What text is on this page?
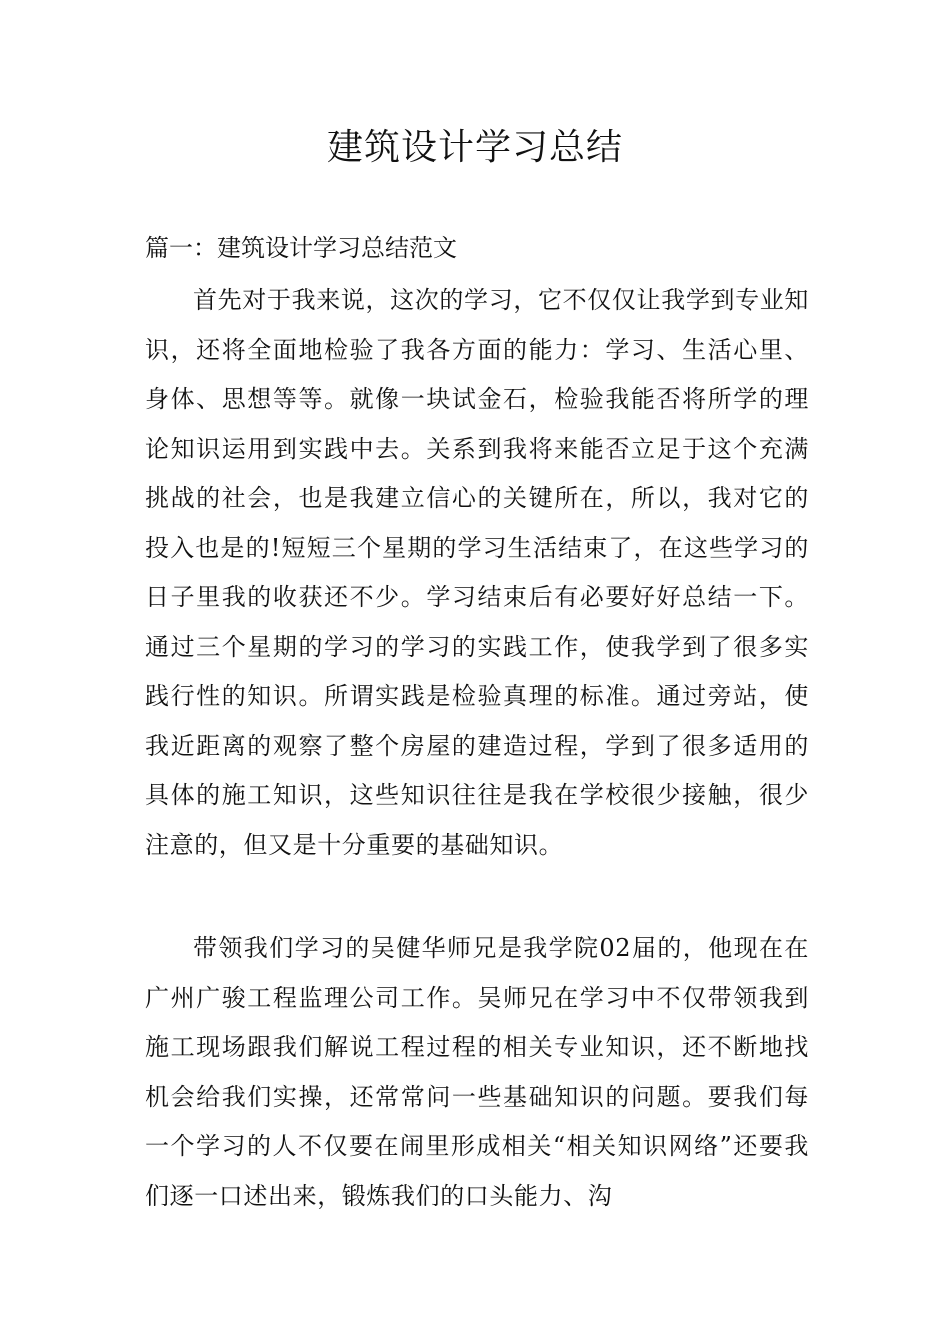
建筑设计学习总结

篇一：建筑设计学习总结范文

首先对于我来说，这次的学习，它不仅仅让我学到专业知识，还将全面地检验了我各方面的能力：学习、生活心里、身体、思想等等。就像一块试金石，检验我能否将所学的理论知识运用到实践中去。关系到我将来能否立足于这个充满挑战的社会，也是我建立信心的关键所在，所以，我对它的投入也是的!短短三个星期的学习生活结束了，在这些学习的日子里我的收获还不少。学习结束后有必要好好总结一下。通过三个星期的学习的学习的实践工作，使我学到了很多实践行性的知识。所谓实践是检验真理的标准。通过旁站，使我近距离的观察了整个房屋的建造过程，学到了很多适用的具体的施工知识，这些知识往往是我在学校很少接触，很少注意的，但又是十分重要的基础知识。

带领我们学习的吴健华师兄是我学院02届的，他现在在广州广骏工程监理公司工作。吴师兄在学习中不仅带领我到施工现场跟我们解说工程过程的相关专业知识，还不断地找机会给我们实操，还常常问一些基础知识的问题。要我们每一个学习的人不仅要在闹里形成相关“相关知识网络”还要我们逐一口述出来，锻炼我们的口头能力、沟
